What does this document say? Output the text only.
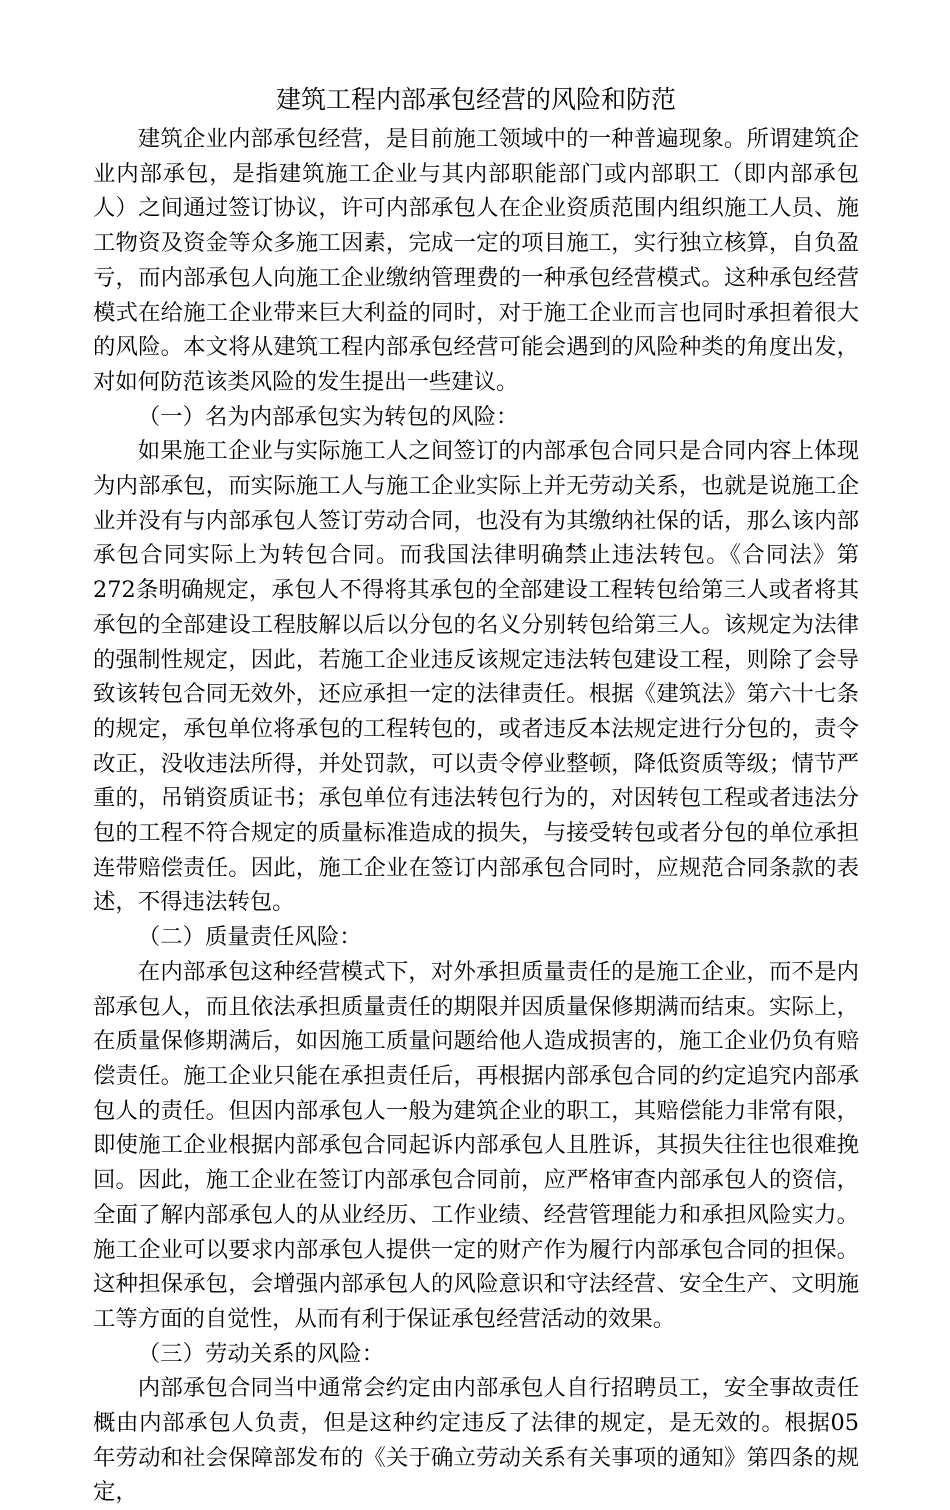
建筑工程内部承包经营的风险和防范

建筑企业内部承包经营，是目前施工领域中的一种普遍现象。所谓建筑企业内部承包，是指建筑施工企业与其内部职能部门或内部职工（即内部承包人）之间通过签订协议，许可内部承包人在企业资质范围内组织施工人员、施工物资及资金等众多施工因素，完成一定的项目施工，实行独立核算，自负盈亏，而内部承包人向施工企业缴纳管理费的一种承包经营模式。这种承包经营模式在给施工企业带来巨大利益的同时，对于施工企业而言也同时承担着很大的风险。本文将从建筑工程内部承包经营可能会遇到的风险种类的角度出发，对如何防范该类风险的发生提出一些建议。

（一）名为内部承包实为转包的风险：

如果施工企业与实际施工人之间签订的内部承包合同只是合同内容上体现为内部承包，而实际施工人与施工企业实际上并无劳动关系，也就是说施工企业并没有与内部承包人签订劳动合同，也没有为其缴纳社保的话，那么该内部承包合同实际上为转包合同。而我国法律明确禁止违法转包。《合同法》第272条明确规定，承包人不得将其承包的全部建设工程转包给第三人或者将其承包的全部建设工程肢解以后以分包的名义分别转包给第三人。该规定为法律的强制性规定，因此，若施工企业违反该规定违法转包建设工程，则除了会导致该转包合同无效外，还应承担一定的法律责任。根据《建筑法》第六十七条的规定，承包单位将承包的工程转包的，或者违反本法规定进行分包的，责令改正，没收违法所得，并处罚款，可以责令停业整顿，降低资质等级；情节严重的，吊销资质证书；承包单位有违法转包行为的，对因转包工程或者违法分包的工程不符合规定的质量标准造成的损失，与接受转包或者分包的单位承担连带赔偿责任。因此，施工企业在签订内部承包合同时，应规范合同条款的表述，不得违法转包。

（二）质量责任风险：

在内部承包这种经营模式下，对外承担质量责任的是施工企业，而不是内部承包人，而且依法承担质量责任的期限并因质量保修期满而结束。实际上，在质量保修期满后，如因施工质量问题给他人造成损害的，施工企业仍负有赔偿责任。施工企业只能在承担责任后，再根据内部承包合同的约定追究内部承包人的责任。但因内部承包人一般为建筑企业的职工，其赔偿能力非常有限，即使施工企业根据内部承包合同起诉内部承包人且胜诉，其损失往往也很难挽回。因此，施工企业在签订内部承包合同前，应严格审查内部承包人的资信，全面了解内部承包人的从业经历、工作业绩、经营管理能力和承担风险实力。施工企业可以要求内部承包人提供一定的财产作为履行内部承包合同的担保。这种担保承包，会增强内部承包人的风险意识和守法经营、安全生产、文明施工等方面的自觉性，从而有利于保证承包经营活动的效果。

（三）劳动关系的风险：

内部承包合同当中通常会约定由内部承包人自行招聘员工，安全事故责任概由内部承包人负责，但是这种约定违反了法律的规定，是无效的。根据05年劳动和社会保障部发布的《关于确立劳动关系有关事项的通知》第四条的规定，
